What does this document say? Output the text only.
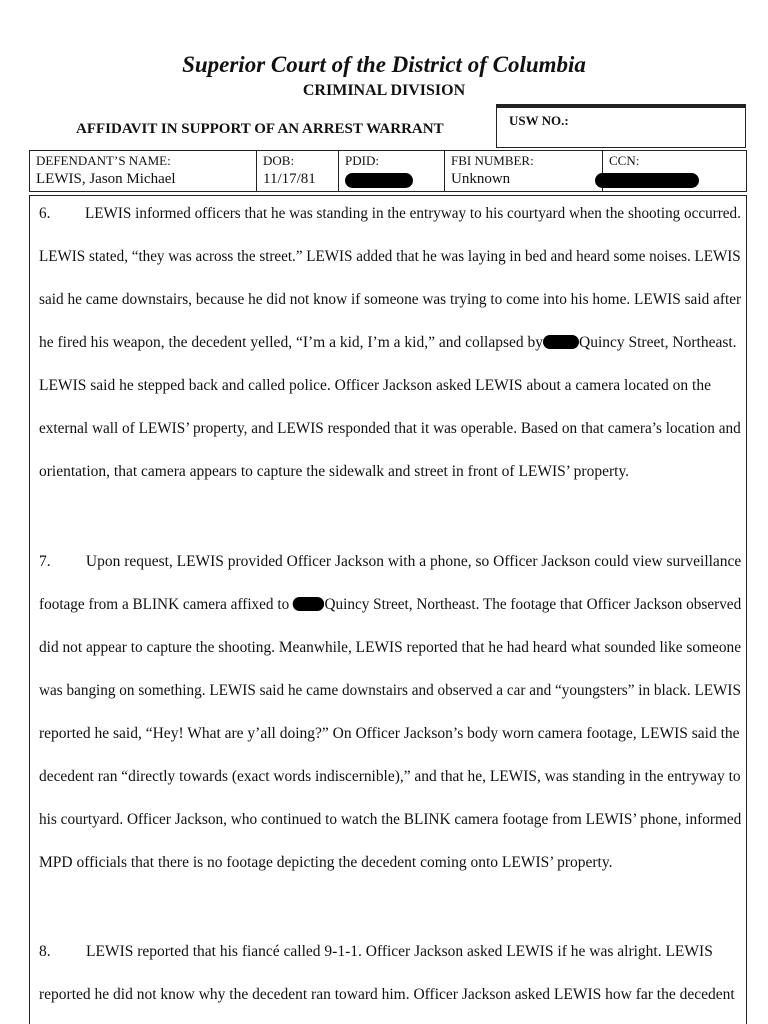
Superior Court of the District of Columbia
CRIMINAL DIVISION
USW NO.:
AFFIDAVIT IN SUPPORT OF AN ARREST WARRANT
DEFENDANT’S NAME:
LEWIS, Jason Michael
DOB:
11/17/81
PDID:	FBI NUMBER:
Unknown
CCN:
6. LEWIS informed officers that he was standing in the entryway to his courtyard when the shooting occurred.
LEWIS stated, “they was across the street.” LEWIS added that he was laying in bed and heard some noises. LEWIS
said he came downstairs, because he did not know if someone was trying to come into his home. LEWIS said after
he fired his weapon, the decedent yelled, “I’m a kid, I’m a kid,” and collapsed by Quincy Street, Northeast.
LEWIS said he stepped back and called police. Officer Jackson asked LEWIS about a camera located on the
external wall of LEWIS’ property, and LEWIS responded that it was operable. Based on that camera’s location and
orientation, that camera appears to capture the sidewalk and street in front of LEWIS’ property.
7. Upon request, LEWIS provided Officer Jackson with a phone, so Officer Jackson could view surveillance
footage from a BLINK camera affixed to Quincy Street, Northeast. The footage that Officer Jackson observed
did not appear to capture the shooting. Meanwhile, LEWIS reported that he had heard what sounded like someone
was banging on something. LEWIS said he came downstairs and observed a car and “youngsters” in black. LEWIS
reported he said, “Hey! What are y’all doing?” On Officer Jackson’s body worn camera footage, LEWIS said the
decedent ran “directly towards (exact words indiscernible),” and that he, LEWIS, was standing in the entryway to
his courtyard. Officer Jackson, who continued to watch the BLINK camera footage from LEWIS’ phone, informed
MPD officials that there is no footage depicting the decedent coming onto LEWIS’ property.
8. LEWIS reported that his fiancé called 9-1-1. Officer Jackson asked LEWIS if he was alright. LEWIS
reported he did not know why the decedent ran toward him. Officer Jackson asked LEWIS how far the decedent
